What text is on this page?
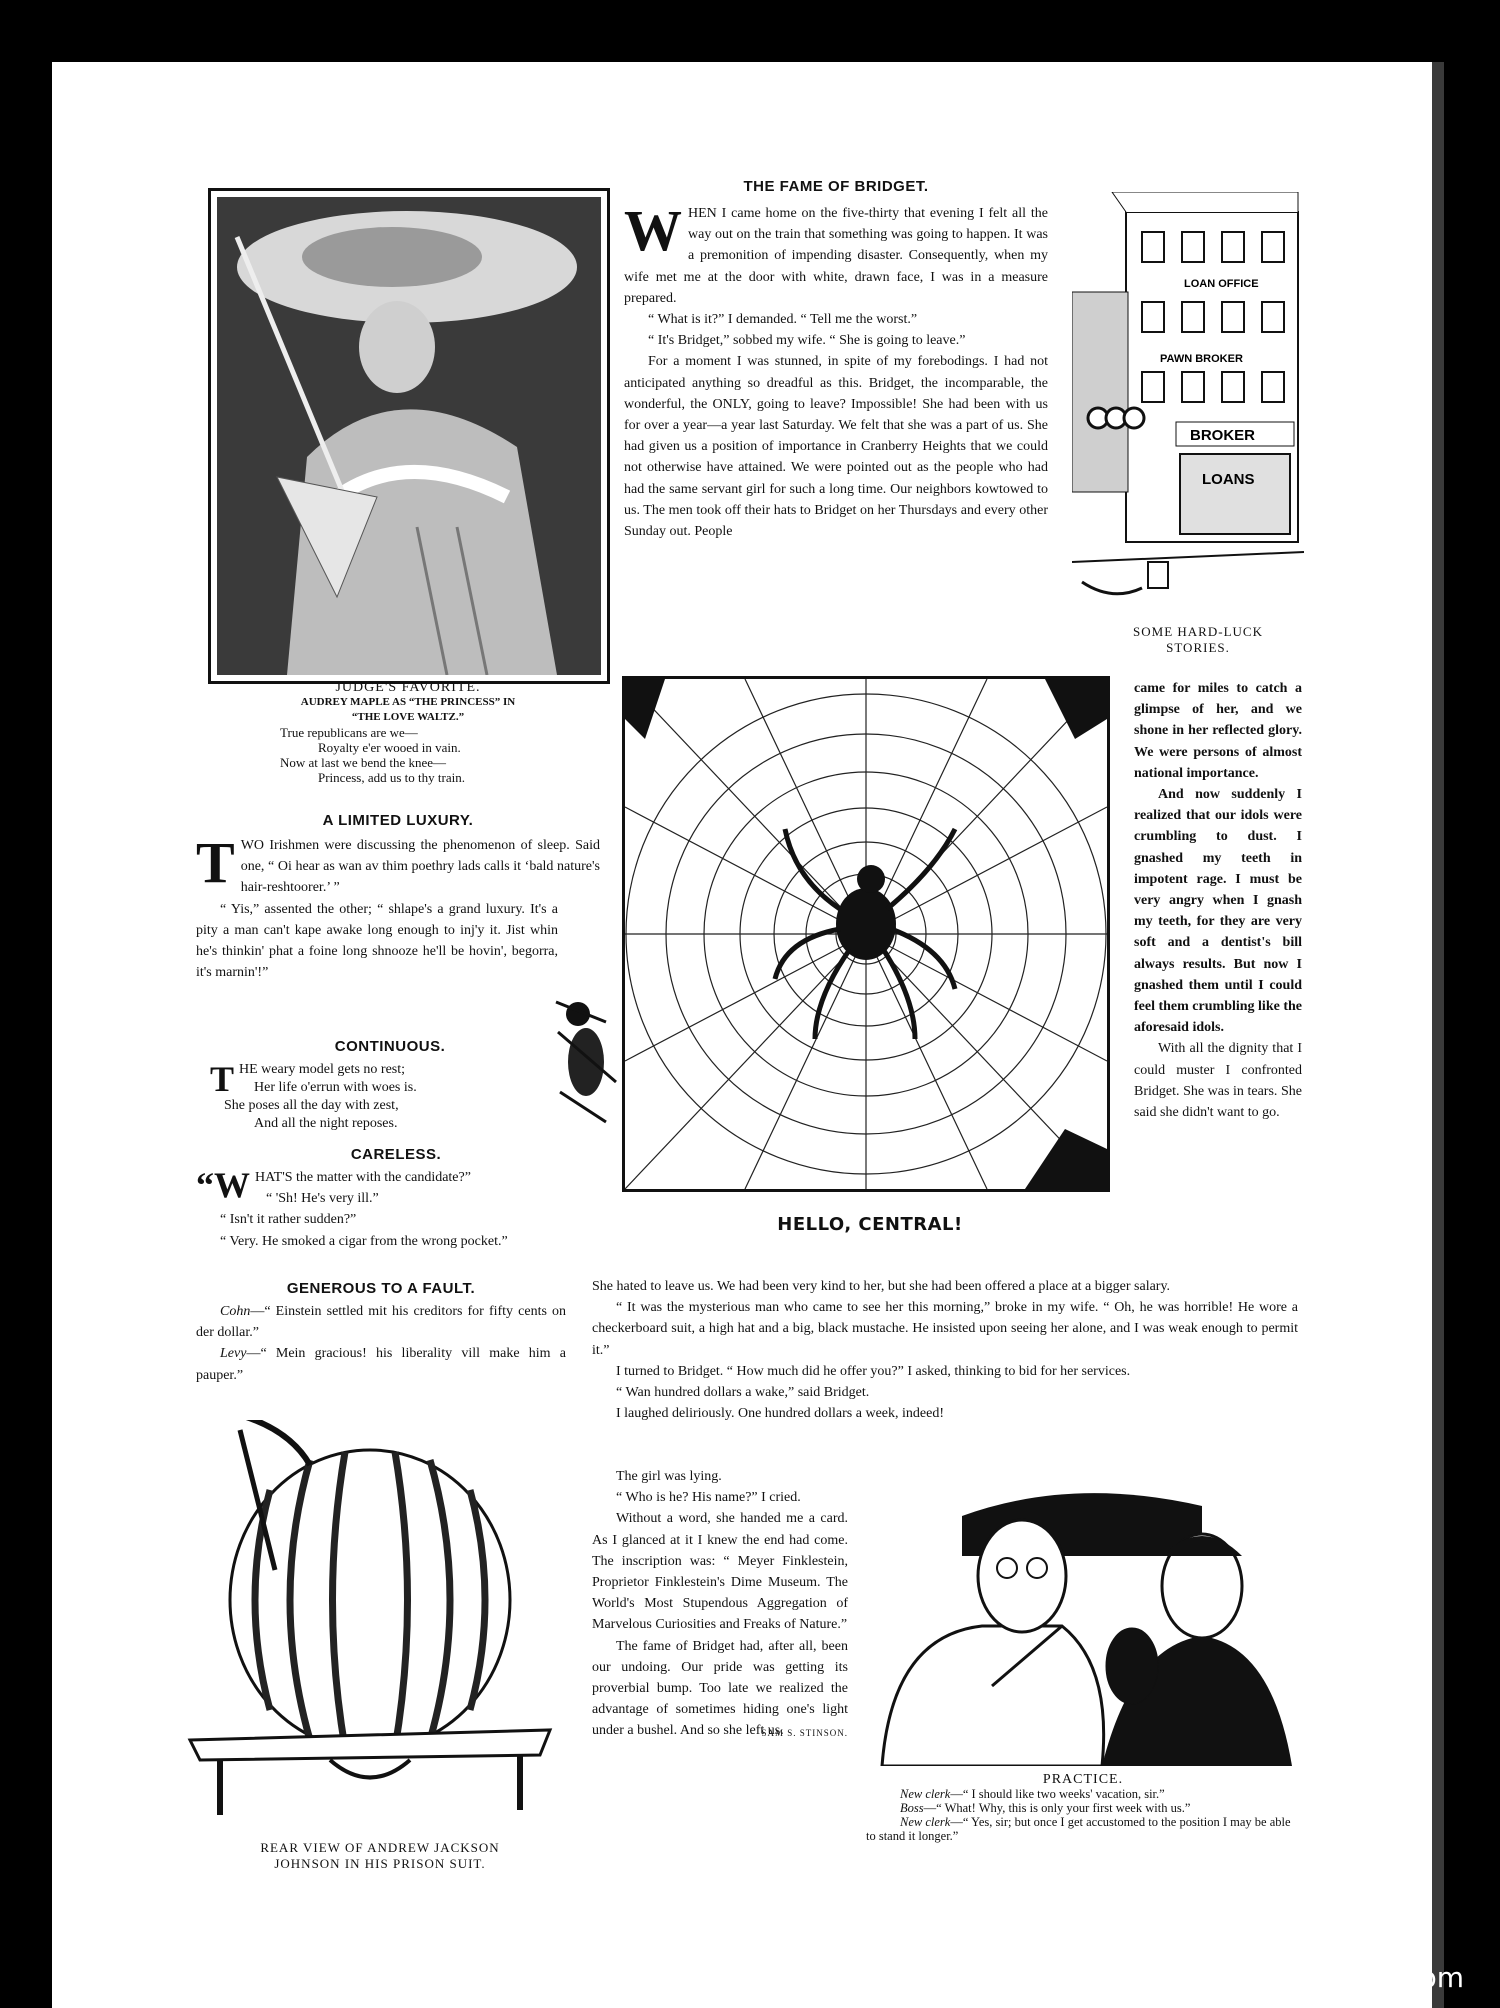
JUDGE'S FAVORITE.
AUDREY MAPLE AS “THE PRINCESS” IN
“THE LOVE WALTZ.”
True republicans are we—
Royalty e'er wooed in vain.
Now at last we bend the knee—
Princess, add us to thy train.
A LIMITED LUXURY.

TWO Irishmen were discussing the phenomenon of sleep. Said one, “ Oi hear as wan av thim poethry lads calls it ‘bald nature's hair-reshtoorer.’ ”

“ Yis,” assented the other; “ shlape's a grand luxury. It's a pity a man can't kape awake long enough to inj'y it. Jist whin he's thinkin' phat a foine long shnooze he'll be hovin', begorra, it's marnin'!”

CONTINUOUS.
T HE weary model gets no rest;
Her life o'errun with woes is.
She poses all the day with zest,
And all the night reposes.
CARELESS.
“W HAT'S the matter with the candidate?”
“ 'Sh! He's very ill.”
“ Isn't it rather sudden?”
“ Very. He smoked a cigar from the wrong pocket.”
GENEROUS TO A FAULT.

Cohn—“ Einstein settled mit his creditors for fifty cents on der dollar.”

Levy—“ Mein gracious! his liberality vill make him a pauper.”

REAR VIEW OF ANDREW JACKSON
JOHNSON IN HIS PRISON SUIT.
THE FAME OF BRIDGET.

WHEN I came home on the five-thirty that evening I felt all the way out on the train that something was going to happen. It was a premonition of impending disaster. Consequently, when my wife met me at the door with white, drawn face, I was in a measure prepared.

“ What is it?” I demanded. “ Tell me the worst.”

“ It's Bridget,” sobbed my wife. “ She is going to leave.”

For a moment I was stunned, in spite of my forebodings. I had not anticipated anything so dreadful as this. Bridget, the incomparable, the wonderful, the ONLY, going to leave? Impossible! She had been with us for over a year—a year last Saturday. We felt that she was a part of us. She had given us a position of importance in Cranberry Heights that we could not otherwise have attained. We were pointed out as the people who had had the same servant girl for such a long time. Our neighbors kowtowed to us. The men took off their hats to Bridget on her Thursdays and every other Sunday out. People

LOAN OFFICE
PAWN BROKER
BROKER
LOANS
SOME HARD-LUCK
STORIES.
HELLO, CENTRAL!

came for miles to catch a glimpse of her, and we shone in her reflected glory. We were persons of almost national importance.

And now suddenly I realized that our idols were crumbling to dust. I gnashed my teeth in impotent rage. I must be very angry when I gnash my teeth, for they are very soft and a dentist's bill always results. But now I gnashed them until I could feel them crumbling like the aforesaid idols.

With all the dignity that I could muster I confronted Bridget. She was in tears. She said she didn't want to go.

She hated to leave us. We had been very kind to her, but she had been offered a place at a bigger salary.

“ It was the mysterious man who came to see her this morning,” broke in my wife. “ Oh, he was horrible! He wore a checkerboard suit, a high hat and a big, black mustache. He insisted upon seeing her alone, and I was weak enough to permit it.”

I turned to Bridget. “ How much did he offer you?” I asked, thinking to bid for her services.

“ Wan hundred dollars a wake,” said Bridget.

I laughed deliriously. One hundred dollars a week, indeed!

The girl was lying.

“ Who is he? His name?” I cried.

Without a word, she handed me a card. As I glanced at it I knew the end had come. The inscription was: “ Meyer Finklestein, Proprietor Finklestein's Dime Museum. The World's Most Stupendous Aggregation of Marvelous Curiosities and Freaks of Nature.”

The fame of Bridget had, after all, been our undoing. Our pride was getting its proverbial bump. Too late we realized the advantage of sometimes hiding one's light under a bushel. And so she left us.

SAM S. STINSON.
PRACTICE.
New clerk—“ I should like two weeks' vacation, sir.”
Boss—“ What! Why, this is only your first week with us.”
New clerk—“ Yes, sir; but once I get accustomed to the position I may be able to stand it longer.”
comicbooks.com
